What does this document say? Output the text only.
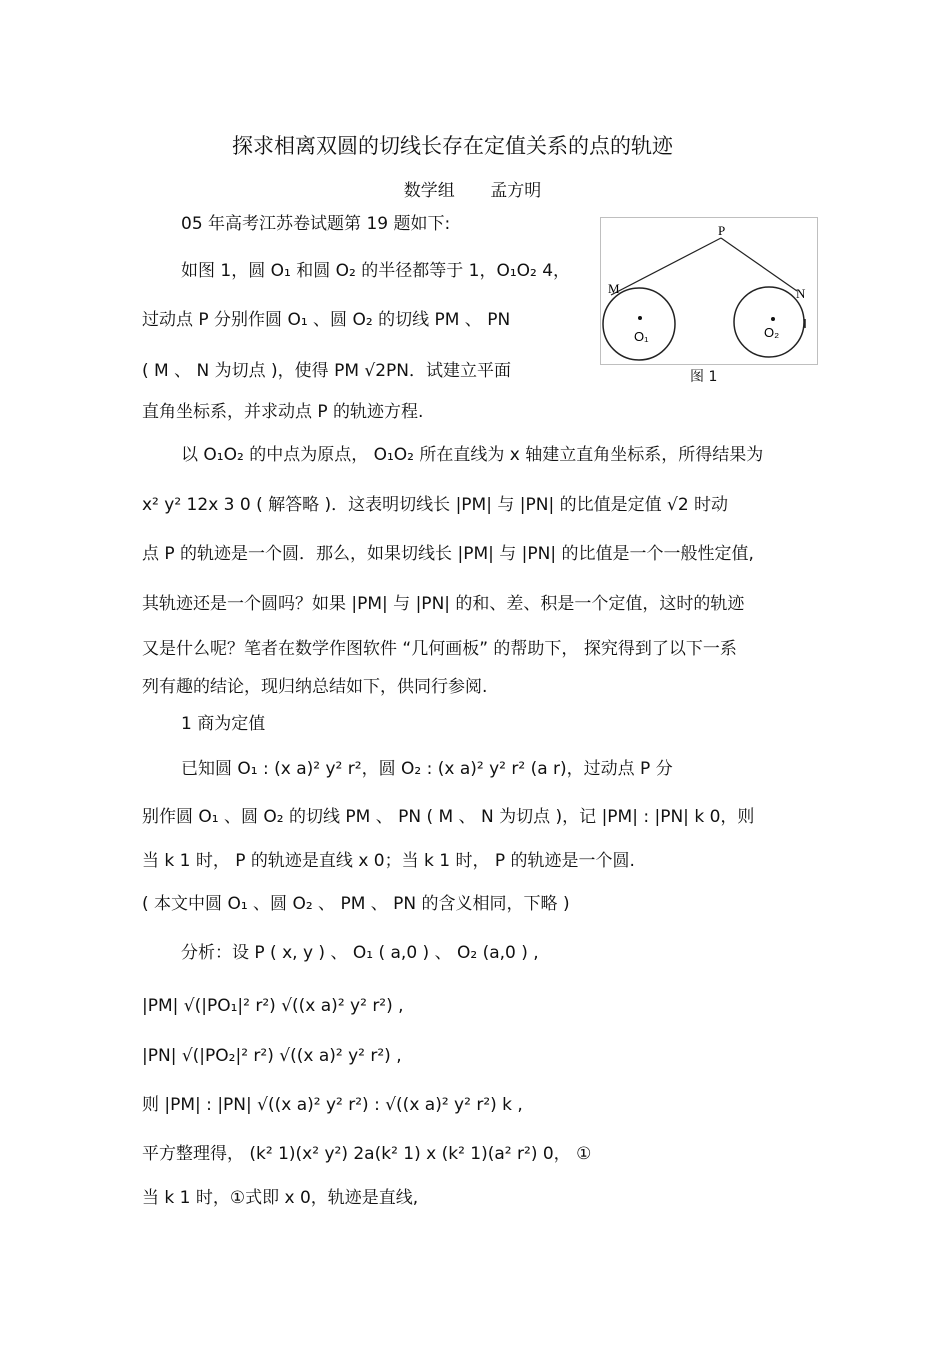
探求相离双圆的切线长存在定值关系的点的轨迹
数学组 孟方明
05 年高考江苏卷试题第 19 题如下:
如图 1，圆 O₁ 和圆 O₂ 的半径都等于 1，O₁O₂ 4，
过动点 P 分别作圆 O₁ 、圆 O₂ 的切线 PM 、 PN
( M 、 N 为切点 )，使得 PM √2PN．试建立平面
直角坐标系，并求动点 P 的轨迹方程.
以 O₁O₂ 的中点为原点， O₁O₂ 所在直线为 x 轴建立直角坐标系，所得结果为
x² y² 12x 3 0 ( 解答略 )．这表明切线长 |PM| 与 |PN| 的比值是定值 √2 时动
点 P 的轨迹是一个圆．那么，如果切线长 |PM| 与 |PN| 的比值是一个一般性定值,
其轨迹还是一个圆吗？如果 |PM| 与 |PN| 的和、差、积是一个定值，这时的轨迹
又是什么呢？笔者在数学作图软件 “几何画板” 的帮助下， 探究得到了以下一系
列有趣的结论，现归纳总结如下，供同行参阅.
1 商为定值
已知圆 O₁ : (x a)² y² r²，圆 O₂ : (x a)² y² r² (a r)，过动点 P 分
别作圆 O₁ 、圆 O₂ 的切线 PM 、 PN ( M 、 N 为切点 )，记 |PM| : |PN| k 0，则
当 k 1 时， P 的轨迹是直线 x 0；当 k 1 时， P 的轨迹是一个圆.
( 本文中圆 O₁ 、圆 O₂ 、 PM 、 PN 的含义相同，下略 )
分析：设 P ( x, y ) 、 O₁ ( a,0 ) 、 O₂ (a,0 ) ,
|PM| √(|PO₁|² r²) √((x a)² y² r²) ,
|PN| √(|PO₂|² r²) √((x a)² y² r²) ,
则 |PM| : |PN| √((x a)² y² r²) : √((x a)² y² r²) k ,
平方整理得， (k² 1)(x² y²) 2a(k² 1) x (k² 1)(a² r²) 0， ①
当 k 1 时，①式即 x 0，轨迹是直线,
P
M	N
O₁	O₂
图 1
